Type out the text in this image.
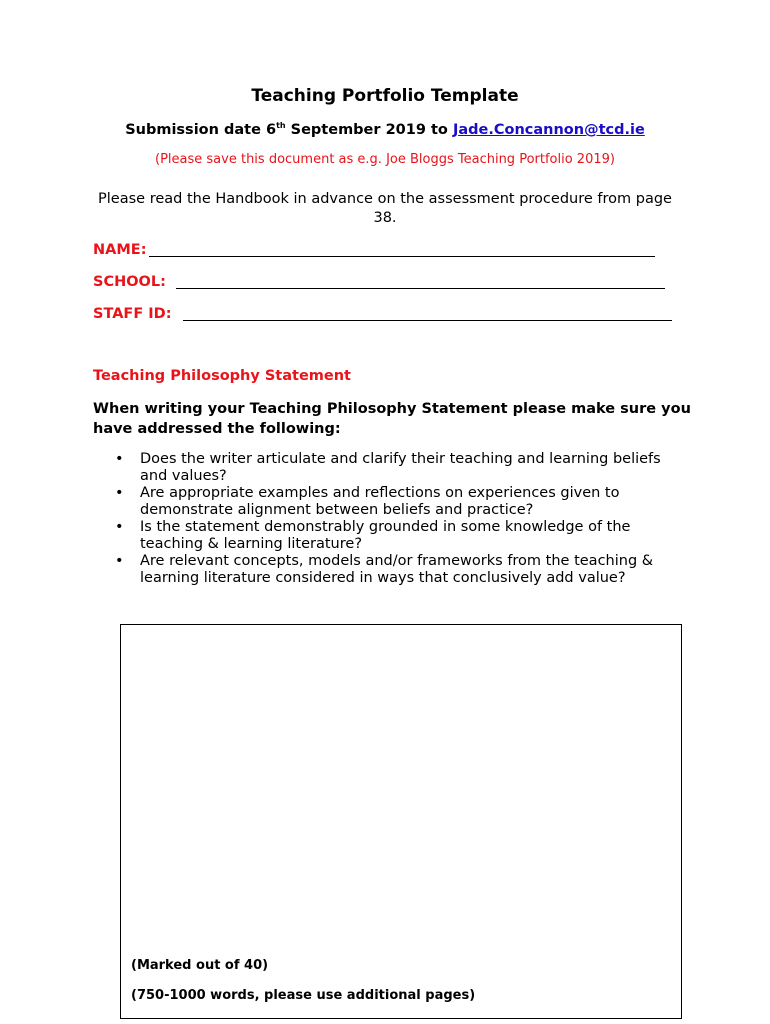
Teaching Portfolio Template
Submission date 6th September 2019 to Jade.Concannon@tcd.ie
(Please save this document as e.g. Joe Bloggs Teaching Portfolio 2019)
Please read the Handbook in advance on the assessment procedure from page 38.
NAME:
SCHOOL:
STAFF ID:
Teaching Philosophy Statement
When writing your Teaching Philosophy Statement please make sure you have addressed the following:
• Does the writer articulate and clarify their teaching and learning beliefs and values?
• Are appropriate examples and reflections on experiences given to demonstrate alignment between beliefs and practice?
• Is the statement demonstrably grounded in some knowledge of the teaching & learning literature?
• Are relevant concepts, models and/or frameworks from the teaching & learning literature considered in ways that conclusively add value?
(Marked out of 40)
(750-1000 words, please use additional pages)
